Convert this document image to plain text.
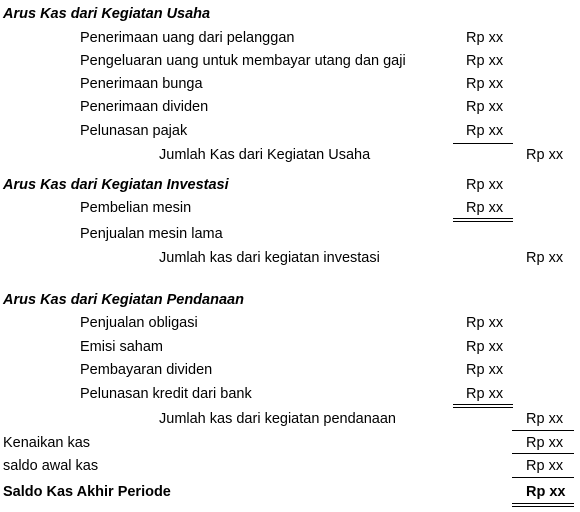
Arus Kas dari Kegiatan Usaha
Penerimaan uang dari pelanggan	Rp xx
Pengeluaran uang untuk membayar utang dan gaji	Rp xx
Penerimaan bunga	Rp xx
Penerimaan dividen	Rp xx
Pelunasan pajak	Rp xx
Jumlah Kas dari Kegiatan Usaha	Rp xx
Arus Kas dari Kegiatan Investasi	Rp xx
Pembelian mesin	Rp xx
Penjualan mesin lama
Jumlah kas dari kegiatan investasi	Rp xx
Arus Kas dari Kegiatan Pendanaan
Penjualan obligasi	Rp xx
Emisi saham	Rp xx
Pembayaran dividen	Rp xx
Pelunasan kredit dari bank	Rp xx
Jumlah kas dari kegiatan pendanaan	Rp xx
Kenaikan kas	Rp xx
saldo awal kas	Rp xx
Saldo Kas Akhir Periode	Rp xx
